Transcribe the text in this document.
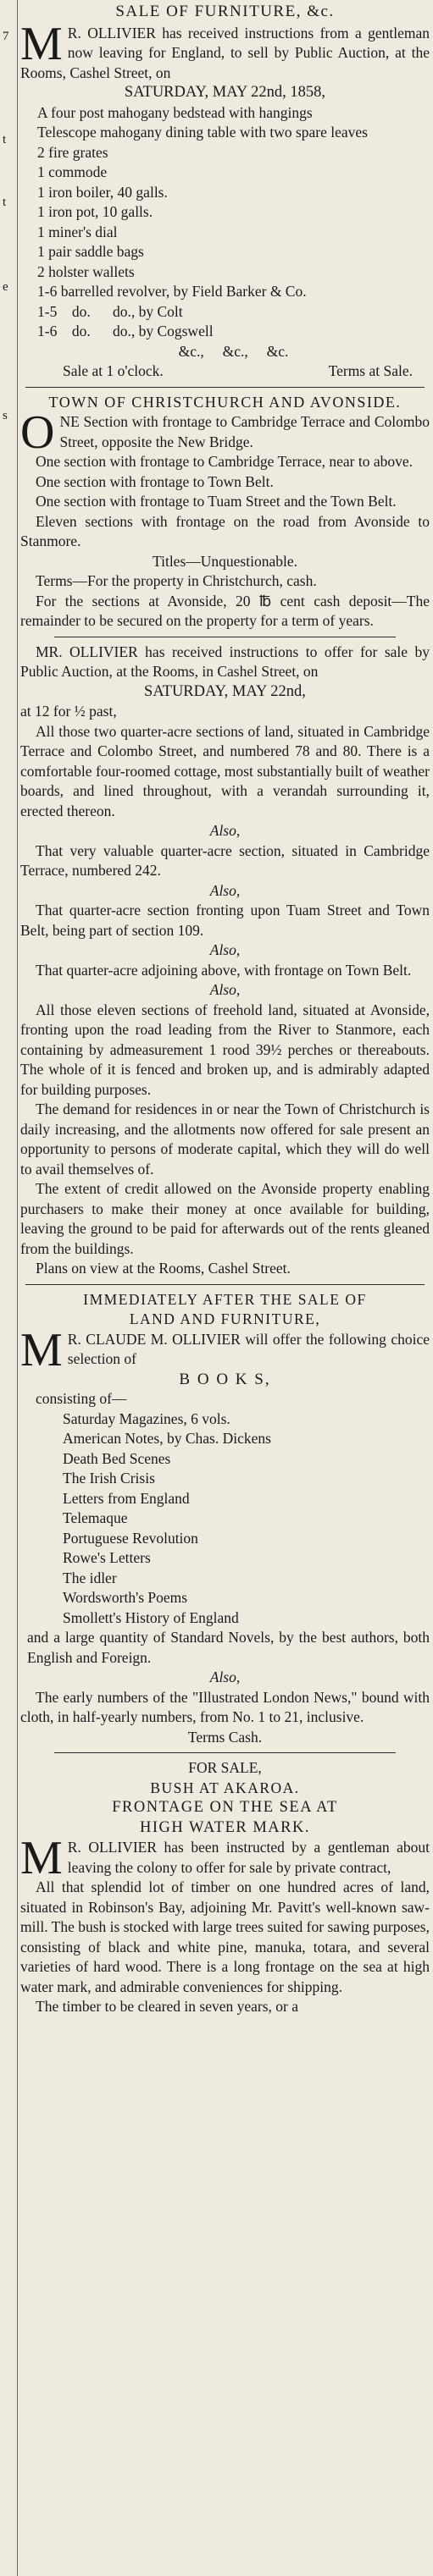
7
t
t
e
s

SALE OF FURNITURE, &c.

M R. OLLIVIER has received instructions from a gentleman now leaving for England, to sell by Public Auction, at the Rooms, Cashel Street, on

SATURDAY, MAY 22nd, 1858,

A four post mahogany bedstead with hangings

Telescope mahogany dining table with two spare leaves

2 fire grates

1 commode

1 iron boiler, 40 galls.

1 iron pot, 10 galls.

1 miner's dial

1 pair saddle bags

2 holster wallets

1-6 barrelled revolver, by Field Barker & Co.

1-5    do.      do., by Colt

1-6    do.      do., by Cogswell

&c.,     &c.,     &c.

Sale at 1 o'clock.	Terms at Sale.

TOWN OF CHRISTCHURCH AND AVONSIDE.

O NE Section with frontage to Cambridge Terrace and Colombo Street, opposite the New Bridge.

One section with frontage to Cambridge Terrace, near to above.

One section with frontage to Town Belt.

One section with frontage to Tuam Street and the Town Belt.

Eleven sections with frontage on the road from Avonside to Stanmore.

Titles—Unquestionable.

Terms—For the property in Christchurch, cash.

For the sections at Avonside, 20 ℔ cent cash deposit—The remainder to be secured on the property for a term of years.

MR. OLLIVIER has received instructions to offer for sale by Public Auction, at the Rooms, in Cashel Street, on

SATURDAY, MAY 22nd,

at 12 for ½ past,

All those two quarter-acre sections of land, situated in Cambridge Terrace and Colombo Street, and numbered 78 and 80. There is a comfortable four-roomed cottage, most substantially built of weather boards, and lined throughout, with a verandah surrounding it, erected thereon.

Also,

That very valuable quarter-acre section, situated in Cambridge Terrace, numbered 242.

Also,

That quarter-acre section fronting upon Tuam Street and Town Belt, being part of section 109.

Also,

That quarter-acre adjoining above, with frontage on Town Belt.

Also,

All those eleven sections of freehold land, situated at Avonside, fronting upon the road leading from the River to Stanmore, each containing by admeasurement 1 rood 39½ perches or thereabouts. The whole of it is fenced and broken up, and is admirably adapted for building purposes.

The demand for residences in or near the Town of Christchurch is daily increasing, and the allotments now offered for sale present an opportunity to persons of moderate capital, which they will do well to avail themselves of.

The extent of credit allowed on the Avonside property enabling purchasers to make their money at once available for building, leaving the ground to be paid for afterwards out of the rents gleaned from the buildings.

Plans on view at the Rooms, Cashel Street.

IMMEDIATELY AFTER THE SALE OF

LAND AND FURNITURE,

M R. CLAUDE M. OLLIVIER will offer the following choice selection of

B O O K S,

consisting of—

Saturday Magazines, 6 vols.

American Notes, by Chas. Dickens

Death Bed Scenes

The Irish Crisis

Letters from England

Telemaque

Portuguese Revolution

Rowe's Letters

The idler

Wordsworth's Poems

Smollett's History of England

and a large quantity of Standard Novels, by the best authors, both English and Foreign.

Also,

The early numbers of the "Illustrated London News," bound with cloth, in half-yearly numbers, from No. 1 to 21, inclusive.

Terms Cash.

FOR SALE,

BUSH AT AKAROA.

FRONTAGE ON THE SEA AT

HIGH WATER MARK.

M R. OLLIVIER has been instructed by a gentleman about leaving the colony to offer for sale by private contract,

All that splendid lot of timber on one hundred acres of land, situated in Robinson's Bay, adjoining Mr. Pavitt's well-known saw-mill. The bush is stocked with large trees suited for sawing purposes, consisting of black and white pine, manuka, totara, and several varieties of hard wood. There is a long frontage on the sea at high water mark, and admirable conveniences for shipping.

The timber to be cleared in seven years, or a
